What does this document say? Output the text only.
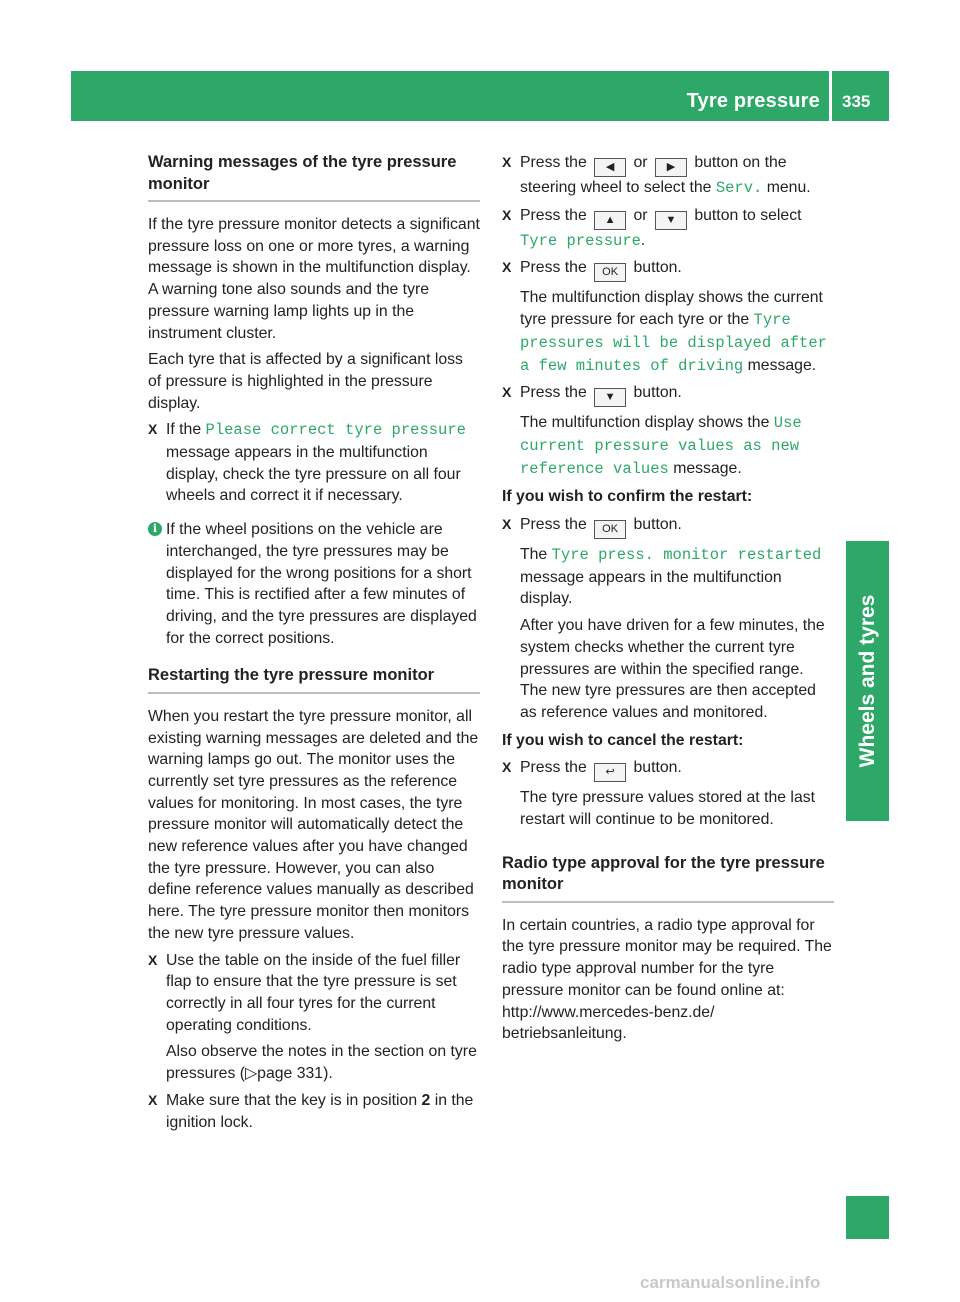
Tyre pressure 335
Wheels and tyres
Warning messages of the tyre pressure monitor

If the tyre pressure monitor detects a significant pressure loss on one or more tyres, a warning message is shown in the multifunction display. A warning tone also sounds and the tyre pressure warning lamp lights up in the instrument cluster.

Each tyre that is affected by a significant loss of pressure is highlighted in the pressure display.

X If the Please correct tyre pressure message appears in the multifunction display, check the tyre pressure on all four wheels and correct it if necessary.

i If the wheel positions on the vehicle are interchanged, the tyre pressures may be displayed for the wrong positions for a short time. This is rectified after a few minutes of driving, and the tyre pressures are displayed for the correct positions.
Restarting the tyre pressure monitor

When you restart the tyre pressure monitor, all existing warning messages are deleted and the warning lamps go out. The monitor uses the currently set tyre pressures as the reference values for monitoring. In most cases, the tyre pressure monitor will automatically detect the new reference values after you have changed the tyre pressure. However, you can also define reference values manually as described here. The tyre pressure monitor then monitors the new tyre pressure values.

X Use the table on the inside of the fuel filler flap to ensure that the tyre pressure is set correctly in all four tyres for the current operating conditions.

Also observe the notes in the section on tyre pressures (▷page 331).

X Make sure that the key is in position 2 in the ignition lock.

X Press the ◀ or ▶ button on the steering wheel to select the Serv. menu.

X Press the ▲ or ▼ button to select Tyre pressure.

X Press the OK button.

The multifunction display shows the current tyre pressure for each tyre or the Tyre pressures will be displayed after a few minutes of driving message.

X Press the ▼ button.

The multifunction display shows the Use current pressure values as new reference values message.

If you wish to confirm the restart:
X Press the OK button.

The Tyre press. monitor restarted message appears in the multifunction display.

After you have driven for a few minutes, the system checks whether the current tyre pressures are within the specified range. The new tyre pressures are then accepted as reference values and monitored.

If you wish to cancel the restart:
X Press the ↩ button.

The tyre pressure values stored at the last restart will continue to be monitored.

Radio type approval for the tyre pressure monitor

In certain countries, a radio type approval for the tyre pressure monitor may be required. The radio type approval number for the tyre pressure monitor can be found online at: http://www.mercedes-benz.de/ betriebsanleitung.

carmanualsonline.info
